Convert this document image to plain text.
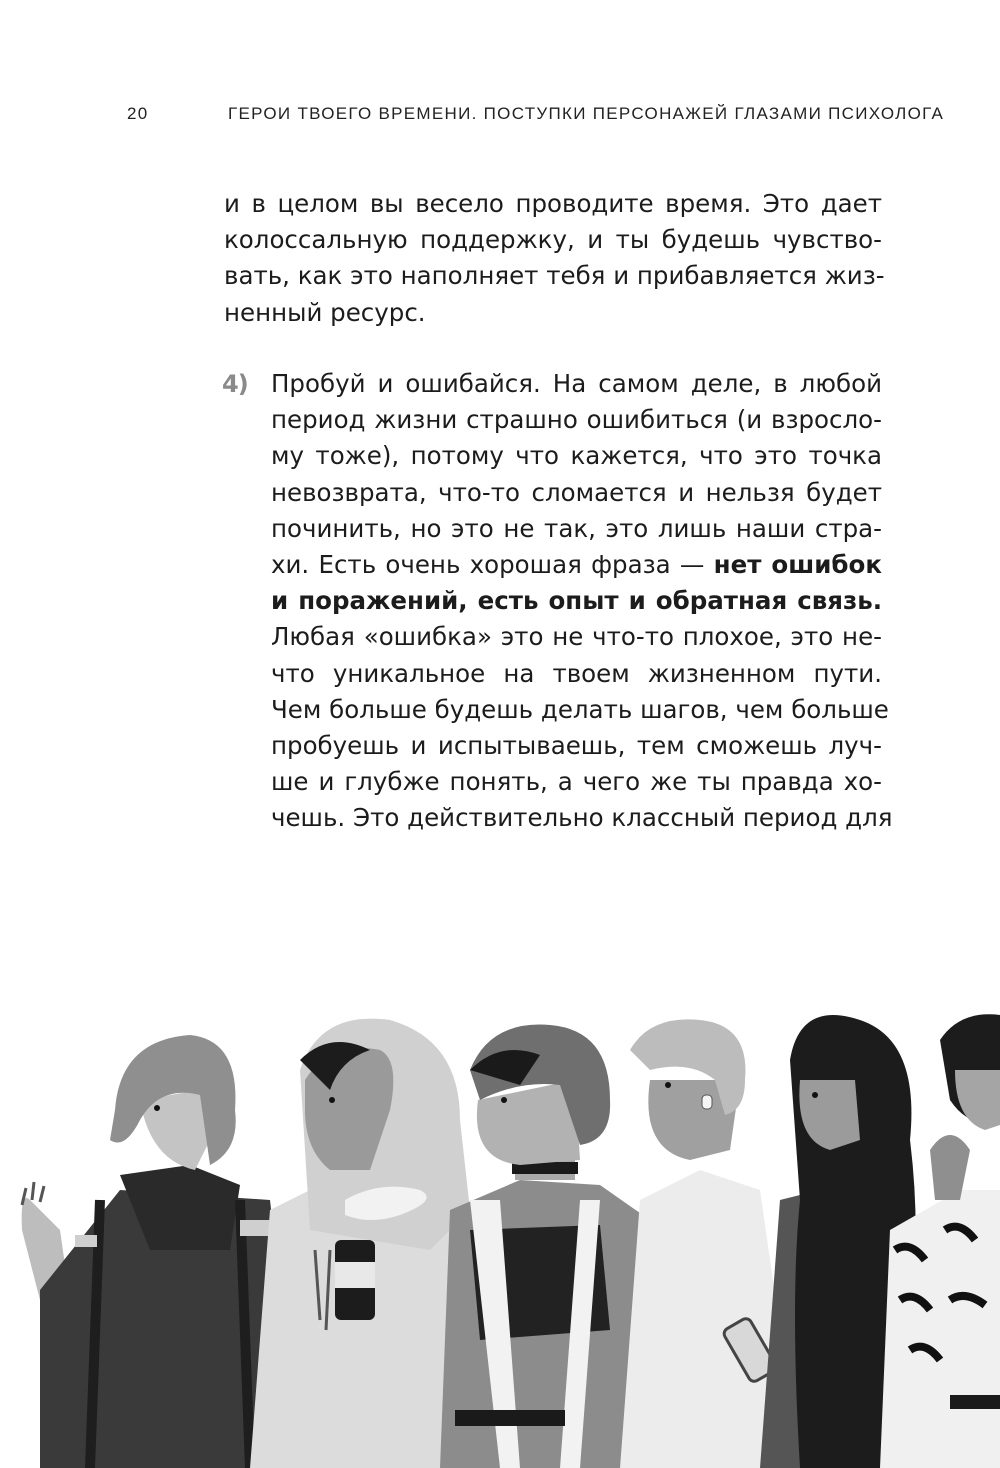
20	ГЕРОИ ТВОЕГО ВРЕМЕНИ. ПОСТУПКИ ПЕРСОНАЖЕЙ ГЛАЗАМИ ПСИХОЛОГА
и в целом вы весело проводите время. Это дает
колоссальную поддержку, и ты будешь чувство-
вать, как это наполняет тебя и прибавляется жиз-
ненный ресурс.
4) Пробуй и ошибайся. На самом деле, в любой
период жизни страшно ошибиться (и взросло-
му тоже), потому что кажется, что это точка
невозврата, что-то сломается и нельзя будет
починить, но это не так, это лишь наши стра-
хи. Есть очень хорошая фраза — нет ошибок
и поражений, есть опыт и обратная связь.
Любая «ошибка» это не что-то плохое, это не-
что уникальное на твоем жизненном пути.
Чем больше будешь делать шагов, чем больше
пробуешь и испытываешь, тем сможешь луч-
ше и глубже понять, а чего же ты правда хо-
чешь. Это действительно классный период для
